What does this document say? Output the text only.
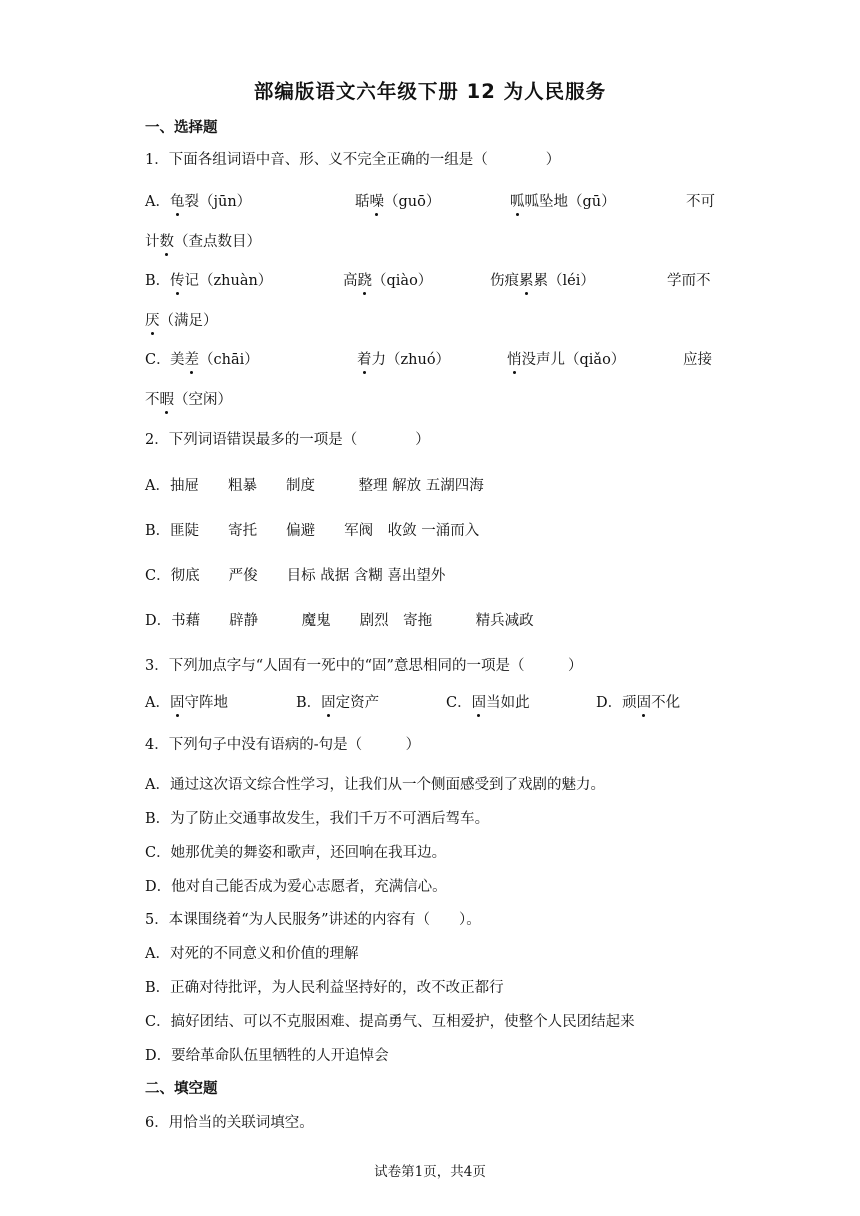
部编版语文六年级下册 12 为人民服务
一、选择题
1．下面各组词语中音、形、义不完全正确的一组是（　　　　）
A． 龟裂（jūn）	聒噪（guō）	呱呱坠地（gū）	不可
计数（查点数目）
B． 传记（zhuàn）	高跷（qiào）	伤痕累累（léi）	学而不
厌（满足）
C． 美差（chāi）	着力（zhuó）	悄没声儿（qiǎo）	应接
不暇（空闲）
2．下列词语错误最多的一项是（　　　　）
A．抽屉　　粗暴　　制度　　　整理 解放 五湖四海
B．匪陡　　寄托　　偏避　　军阀　收敛 一涌而入
C．彻底　　严俊　　目标 战据 含糊 喜出望外
D．书藉　　辟静　　　魔鬼　　剧烈　寄拖　　　精兵减政
3．下列加点字与“人固有一死中的“固”意思相同的一项是（　　　）
A．固守阵地	B．固定资产	C．固当如此	D．顽固不化
4．下列句子中没有语病的-句是（　　　）
A．通过这次语文综合性学习，让我们从一个侧面感受到了戏剧的魅力。
B．为了防止交通事故发生，我们千万不可酒后驾车。
C．她那优美的舞姿和歌声，还回响在我耳边。
D．他对自己能否成为爱心志愿者，充满信心。
5．本课围绕着“为人民服务”讲述的内容有（　　）。
A．对死的不同意义和价值的理解
B．正确对待批评，为人民利益坚持好的，改不改正都行
C．搞好团结、可以不克服困难、提高勇气、互相爱护，使整个人民团结起来
D．要给革命队伍里牺牲的人开追悼会
二、填空题
6．用恰当的关联词填空。
试卷第1页，共4页
